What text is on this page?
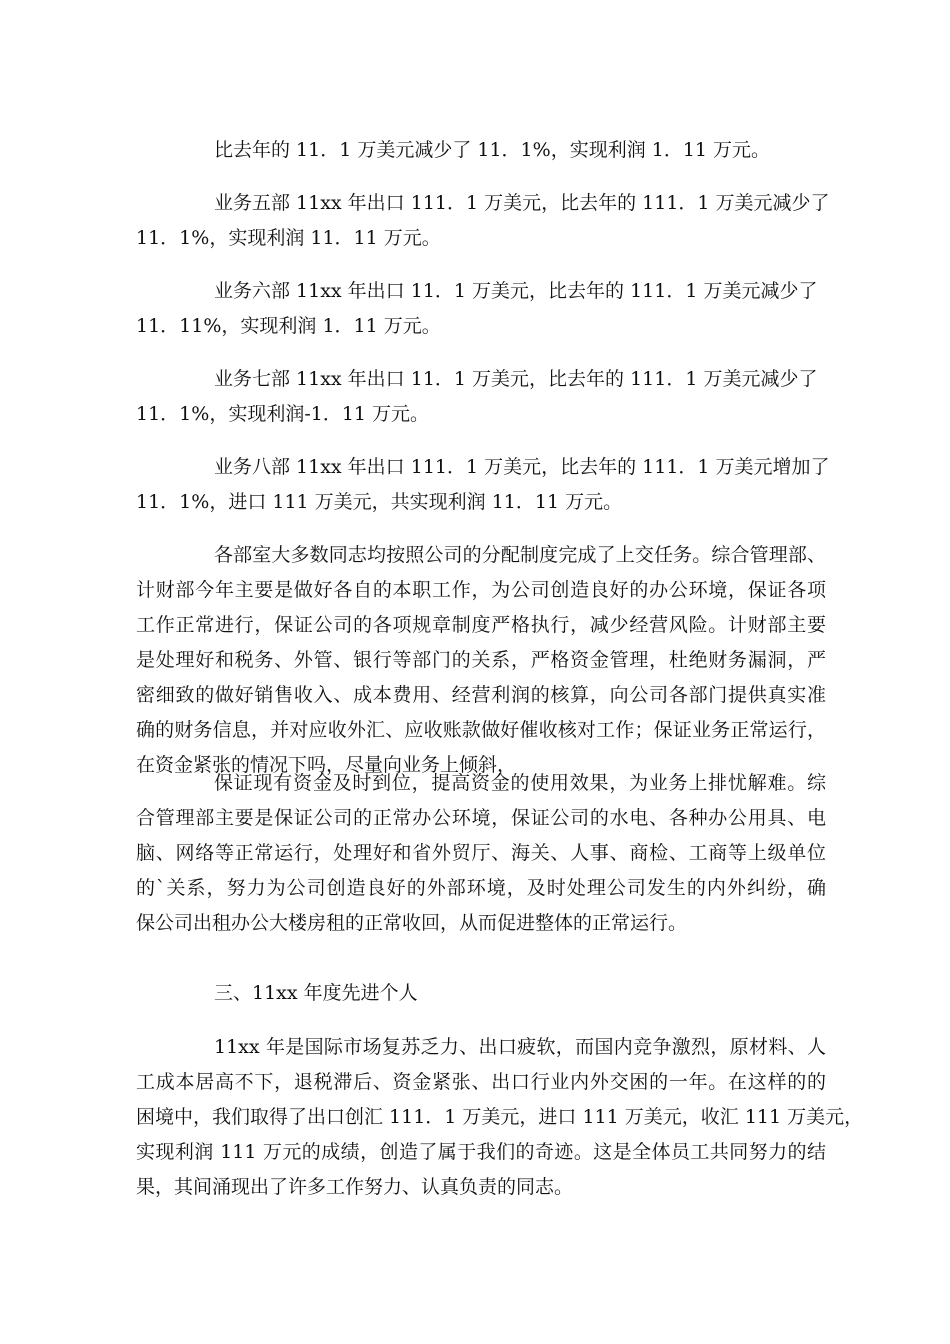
比去年的 11．1 万美元减少了 11．1%，实现利润 1．11 万元。
业务五部 11xx 年出口 111．1 万美元，比去年的 111．1 万美元减少了
11．1%，实现利润 11．11 万元。
业务六部 11xx 年出口 11．1 万美元，比去年的 111．1 万美元减少了
11．11%，实现利润 1．11 万元。
业务七部 11xx 年出口 11．1 万美元，比去年的 111．1 万美元减少了
11．1%，实现利润-1．11 万元。
业务八部 11xx 年出口 111．1 万美元，比去年的 111．1 万美元增加了
11．1%，进口 111 万美元，共实现利润 11．11 万元。
各部室大多数同志均按照公司的分配制度完成了上交任务。综合管理部、
计财部今年主要是做好各自的本职工作，为公司创造良好的办公环境，保证各项
工作正常进行，保证公司的各项规章制度严格执行，减少经营风险。计财部主要
是处理好和税务、外管、银行等部门的关系，严格资金管理，杜绝财务漏洞，严
密细致的做好销售收入、成本费用、经营利润的核算，向公司各部门提供真实准
确的财务信息，并对应收外汇、应收账款做好催收核对工作；保证业务正常运行，
在资金紧张的情况下吗，尽量向业务上倾斜，
保证现有资金及时到位，提高资金的使用效果，为业务上排忧解难。综
合管理部主要是保证公司的正常办公环境，保证公司的水电、各种办公用具、电
脑、网络等正常运行，处理好和省外贸厅、海关、人事、商检、工商等上级单位
的`关系，努力为公司创造良好的外部环境，及时处理公司发生的内外纠纷，确
保公司出租办公大楼房租的正常收回，从而促进整体的正常运行。
三、11xx 年度先进个人
11xx 年是国际市场复苏乏力、出口疲软，而国内竞争激烈，原材料、人
工成本居高不下，退税滞后、资金紧张、出口行业内外交困的一年。在这样的的
困境中，我们取得了出口创汇 111．1 万美元，进口 111 万美元，收汇 111 万美元，
实现利润 111 万元的成绩，创造了属于我们的奇迹。这是全体员工共同努力的结
果，其间涌现出了许多工作努力、认真负责的同志。
